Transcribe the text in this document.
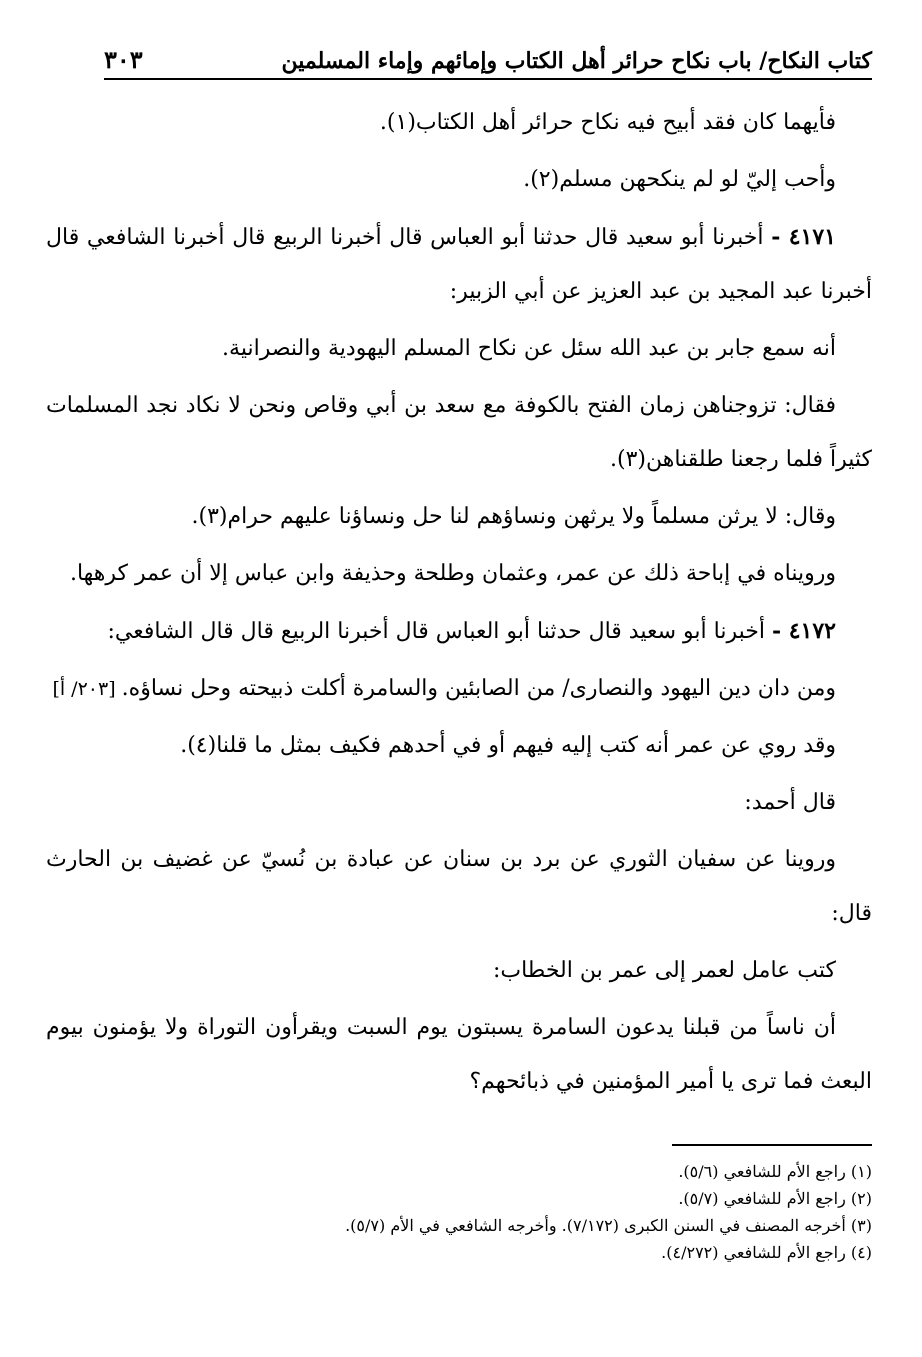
كتاب النكاح/ باب نكاح حرائر أهل الكتاب وإمائهم وإماء المسلمين
٣٠٣
فأيهما كان فقد أبيح فيه نكاح حرائر أهل الكتاب(١).
وأحب إليّ لو لم ينكحهن مسلم(٢).
٤١٧١ - أخبرنا أبو سعيد قال حدثنا أبو العباس قال أخبرنا الربيع قال أخبرنا الشافعي قال أخبرنا عبد المجيد بن عبد العزيز عن أبي الزبير:
أنه سمع جابر بن عبد الله سئل عن نكاح المسلم اليهودية والنصرانية.
فقال: تزوجناهن زمان الفتح بالكوفة مع سعد بن أبي وقاص ونحن لا نكاد نجد المسلمات كثيراً فلما رجعنا طلقناهن(٣).
وقال: لا يرثن مسلماً ولا يرثهن ونساؤهم لنا حل ونساؤنا عليهم حرام(٣).
ورويناه في إباحة ذلك عن عمر، وعثمان وطلحة وحذيفة وابن عباس إلا أن عمر كرهها.
٤١٧٢ - أخبرنا أبو سعيد قال حدثنا أبو العباس قال أخبرنا الربيع قال قال الشافعي:
ومن دان دين اليهود والنصارى/ من الصابئين والسامرة أكلت ذبيحته وحل نساؤه. [٢٠٣/ أ]
وقد روي عن عمر أنه كتب إليه فيهم أو في أحدهم فكيف بمثل ما قلنا(٤).
قال أحمد:
وروينا عن سفيان الثوري عن برد بن سنان عن عبادة بن نُسيّ عن غضيف بن الحارث قال:
كتب عامل لعمر إلى عمر بن الخطاب:
أن ناساً من قبلنا يدعون السامرة يسبتون يوم السبت ويقرأون التوراة ولا يؤمنون بيوم البعث فما ترى يا أمير المؤمنين في ذبائحهم؟
(١) راجع الأم للشافعي (٥/٦).
(٢) راجع الأم للشافعي (٥/٧).
(٣) أخرجه المصنف في السنن الكبرى (٧/١٧٢). وأخرجه الشافعي في الأم (٥/٧).
(٤) راجع الأم للشافعي (٤/٢٧٢).
